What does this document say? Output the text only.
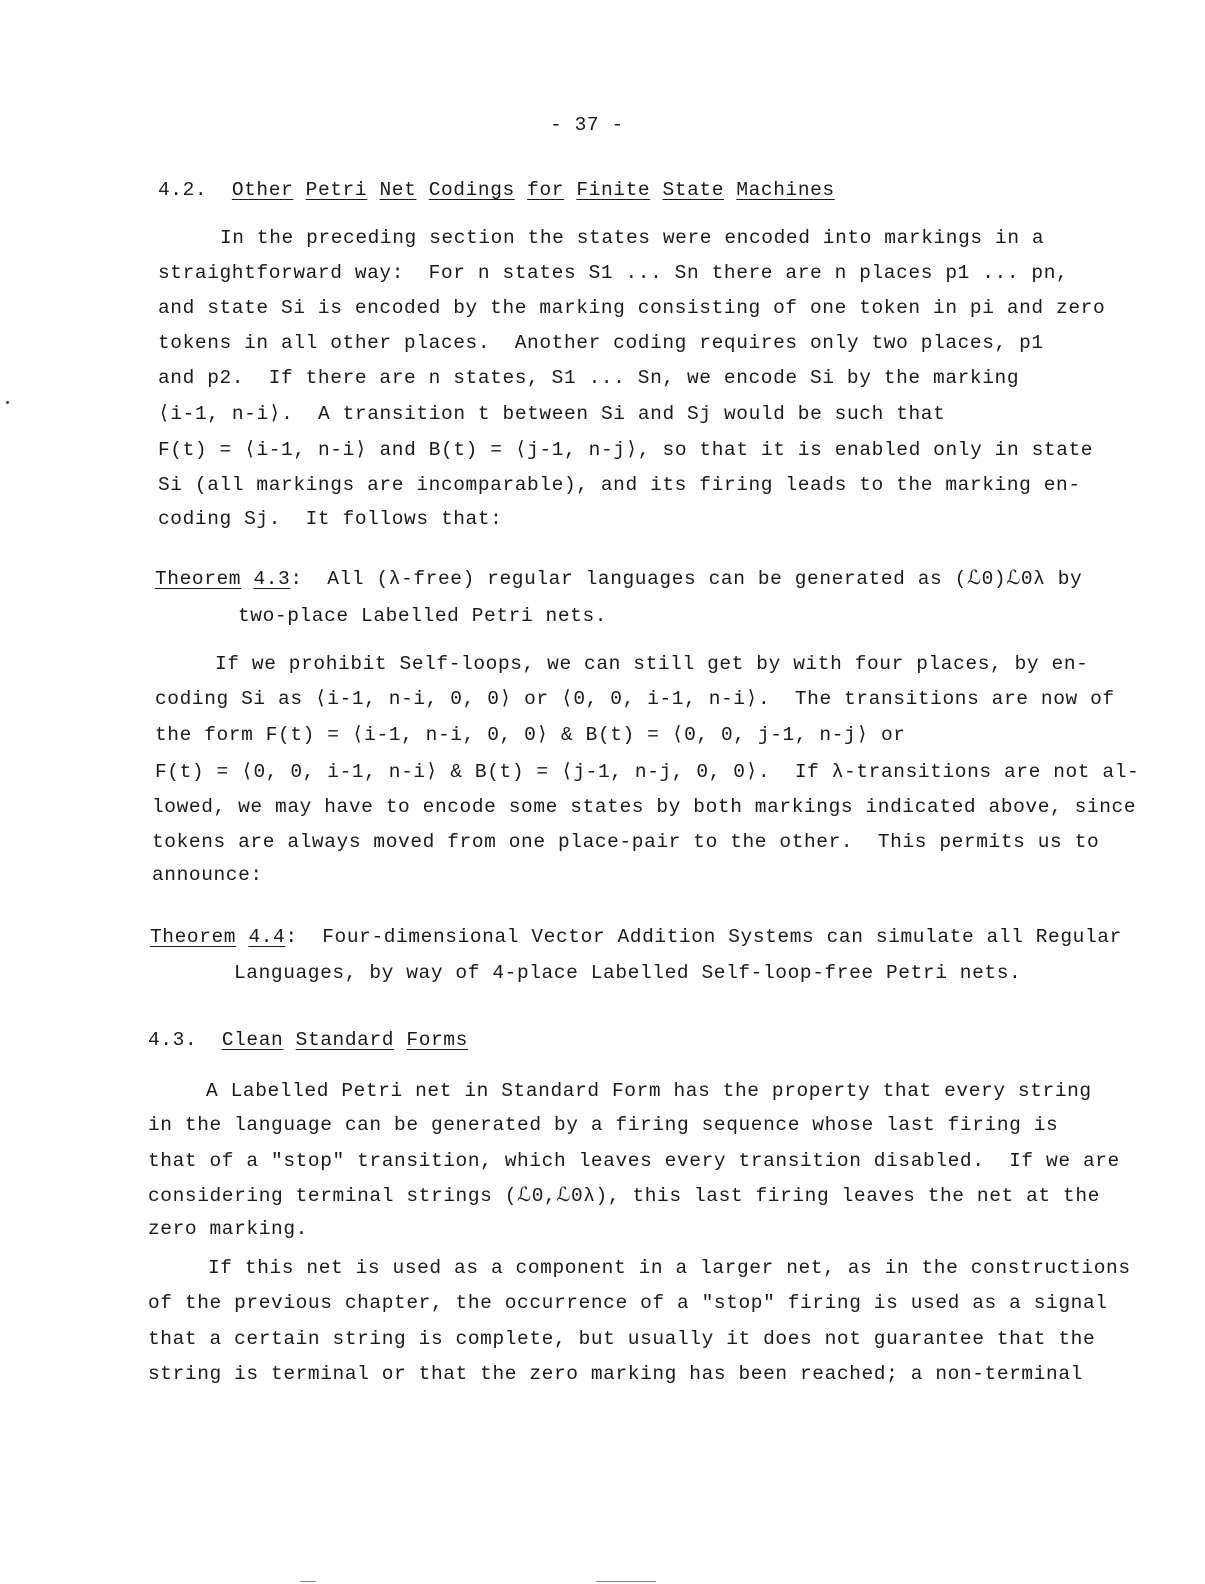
- 37 -
4.2. Other Petri Net Codings for Finite State Machines
In the preceding section the states were encoded into markings in a
straightforward way:  For n states S1 ... Sn there are n places p1 ... pn,
and state Si is encoded by the marking consisting of one token in pi and zero
tokens in all other places.  Another coding requires only two places, p1
and p2.  If there are n states, S1 ... Sn, we encode Si by the marking
⟨i-1, n-i⟩.  A transition t between Si and Sj would be such that
F(t) = ⟨i-1, n-i⟩ and B(t) = ⟨j-1, n-j⟩, so that it is enabled only in state
Si (all markings are incomparable), and its firing leads to the marking en-
coding Sj.  It follows that:
Theorem 4.3:  All (λ-free) regular languages can be generated as (ℒ0)ℒ0λ by
two-place Labelled Petri nets.
If we prohibit Self-loops, we can still get by with four places, by en-
coding Si as ⟨i-1, n-i, 0, 0⟩ or ⟨0, 0, i-1, n-i⟩.  The transitions are now of
the form F(t) = ⟨i-1, n-i, 0, 0⟩ & B(t) = ⟨0, 0, j-1, n-j⟩ or
F(t) = ⟨0, 0, i-1, n-i⟩ & B(t) = ⟨j-1, n-j, 0, 0⟩.  If λ-transitions are not al-
lowed, we may have to encode some states by both markings indicated above, since
tokens are always moved from one place-pair to the other.  This permits us to
announce:
Theorem 4.4:  Four-dimensional Vector Addition Systems can simulate all Regular
Languages, by way of 4-place Labelled Self-loop-free Petri nets.
4.3. Clean Standard Forms
A Labelled Petri net in Standard Form has the property that every string
in the language can be generated by a firing sequence whose last firing is
that of a "stop" transition, which leaves every transition disabled.  If we are
considering terminal strings (ℒ0,ℒ0λ), this last firing leaves the net at the
zero marking.
If this net is used as a component in a larger net, as in the constructions
of the previous chapter, the occurrence of a "stop" firing is used as a signal
that a certain string is complete, but usually it does not guarantee that the
string is terminal or that the zero marking has been reached; a non-terminal
